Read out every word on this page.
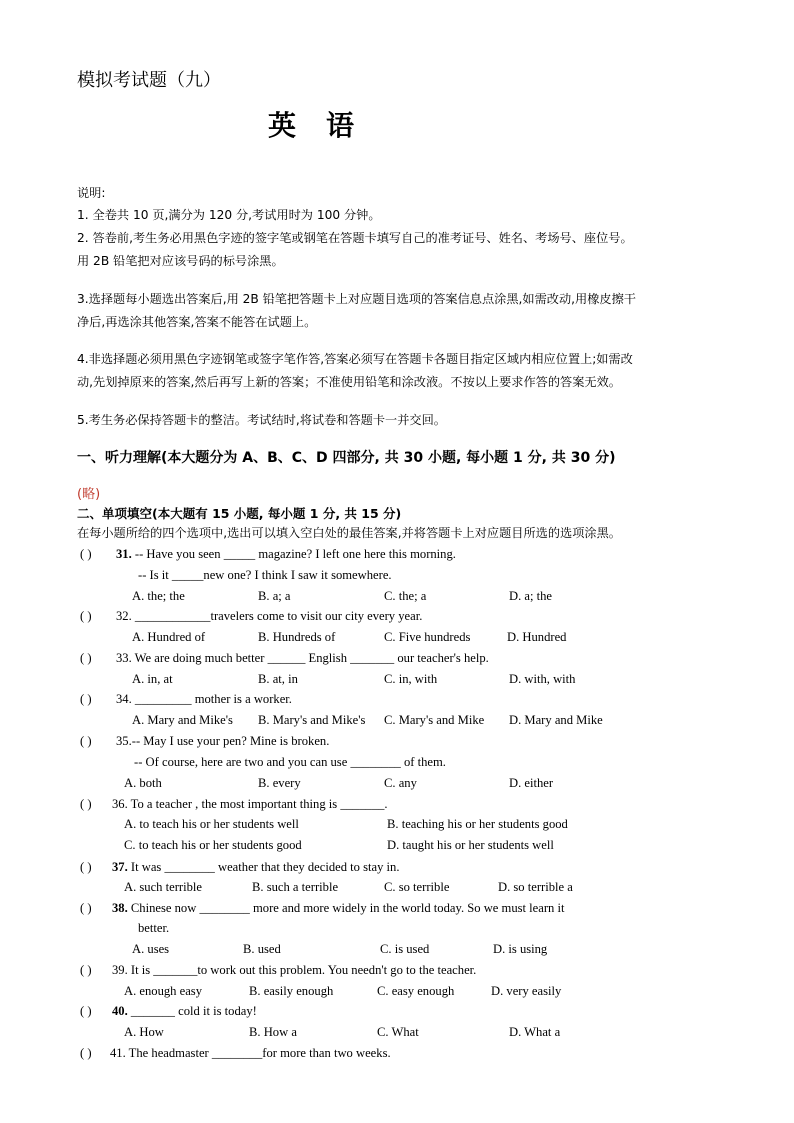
模拟考试题（九）
英 语
说明:
1. 全卷共 10 页,满分为 120 分,考试用时为 100 分钟。
2. 答卷前,考生务必用黑色字迹的签字笔或钢笔在答题卡填写自己的准考证号、姓名、考场号、座位号。
用 2B 铅笔把对应该号码的标号涂黑。
3.选择题每小题选出答案后,用 2B 铅笔把答题卡上对应题目选项的答案信息点涂黑,如需改动,用橡皮擦干
净后,再选涂其他答案,答案不能答在试题上。
4.非选择题必须用黑色字迹钢笔或签字笔作答,答案必须写在答题卡各题目指定区域内相应位置上;如需改
动,先划掉原来的答案,然后再写上新的答案；不准使用铅笔和涂改液。不按以上要求作答的答案无效。
5.考生务必保持答题卡的整洁。考试结时,将试卷和答题卡一并交回。
一、听力理解(本大题分为 A、B、C、D 四部分, 共 30 小题, 每小题 1 分, 共 30 分)
(略)
二、单项填空(本大题有 15 小题, 每小题 1 分, 共 15 分)
在每小题所给的四个选项中,选出可以填入空白处的最佳答案,并将答题卡上对应题目所选的选项涂黑。
( ) 31. -- Have you seen _____ magazine? I left one here this morning.
-- Is it _____new one? I think I saw it somewhere.
A. the; the	B. a; a	C. the; a	D. a; the
( ) 32. ____________travelers come to visit our city every year.
A. Hundred of	B. Hundreds of	C. Five hundreds	D. Hundred
( ) 33. We are doing much better ______ English _______ our teacher's help.
A. in, at	B. at, in	C. in, with	D. with, with
( ) 34. _________ mother is a worker.
A. Mary and Mike's B. Mary's and Mike's C. Mary's and Mike D. Mary and Mike
( ) 35.-- May I use your pen? Mine is broken.
-- Of course, here are two and you can use ________ of them.
A. both	B. every	C. any	D. either
( ) 36. To a teacher , the most important thing is _______.
A. to teach his or her students well	B. teaching his or her students good
C. to teach his or her students good	D. taught his or her students well
( ) 37. It was ________ weather that they decided to stay in.
A. such terrible	B. such a terrible	C. so terrible	D. so terrible a
( ) 38. Chinese now ________ more and more widely in the world today. So we must learn it
better.
A. uses	B. used	C. is used	D. is using
( ) 39. It is _______to work out this problem. You needn't go to the teacher.
A. enough easy	B. easily enough	C. easy enough	D. very easily
( ) 40. _______ cold it is today!
A. How	B. How a	C. What	D. What a
( ) 41. The headmaster ________for more than two weeks.
